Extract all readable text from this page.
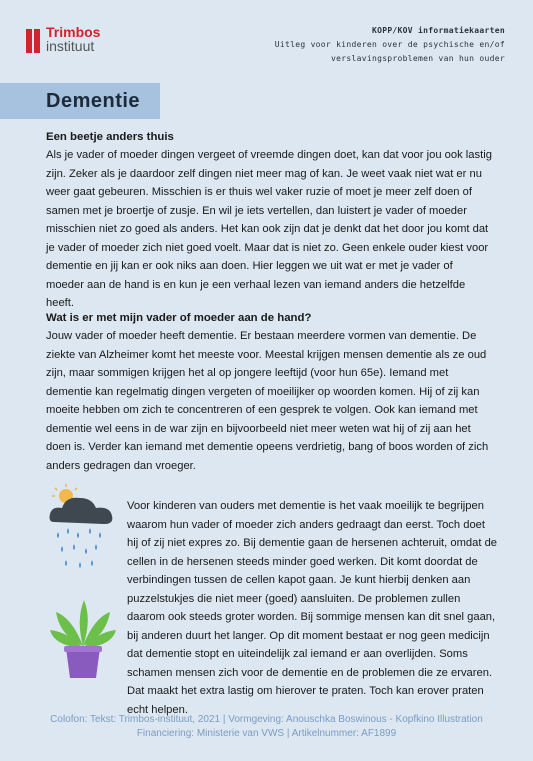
Trimbos
instituut
KOPP/KOV informatiekaarten
Uitleg voor kinderen over de psychische en/of
verslavingsproblemen van hun ouder
Dementie
Een beetje anders thuis

Als je vader of moeder dingen vergeet of vreemde dingen doet, kan dat voor jou ook lastig zijn. Zeker als je daardoor zelf dingen niet meer mag of kan. Je weet vaak niet wat er nu weer gaat gebeuren. Misschien is er thuis wel vaker ruzie of moet je meer zelf doen of samen met je broertje of zusje. En wil je iets vertellen, dan luistert je vader of moeder misschien niet zo goed als anders. Het kan ook zijn dat je denkt dat het door jou komt dat je vader of moeder zich niet goed voelt. Maar dat is niet zo. Geen enkele ouder kiest voor dementie en jij kan er ook niks aan doen. Hier leggen we uit wat er met je vader of moeder aan de hand is en kun je een verhaal lezen van iemand anders die hetzelfde heeft.

Wat is er met mijn vader of moeder aan de hand?

Jouw vader of moeder heeft dementie. Er bestaan meerdere vormen van dementie. De ziekte van Alzheimer komt het meeste voor. Meestal krijgen mensen dementie als ze oud zijn, maar sommigen krijgen het al op jongere leeftijd (voor hun 65e). Iemand met dementie kan regelmatig dingen vergeten of moeilijker op woorden komen. Hij of zij kan moeite hebben om zich te concentreren of een gesprek te volgen. Ook kan iemand met dementie wel eens in de war zijn en bijvoorbeeld niet meer weten wat hij of zij aan het doen is. Verder kan iemand met dementie opeens verdrietig, bang of boos worden of zich anders gedragen dan vroeger.

Voor kinderen van ouders met dementie is het vaak moeilijk te begrijpen waarom hun vader of moeder zich anders gedraagt dan eerst. Toch doet hij of zij niet expres zo. Bij dementie gaan de hersenen achteruit, omdat de cellen in de hersenen steeds minder goed werken. Dit komt doordat de verbindingen tussen de cellen kapot gaan. Je kunt hierbij denken aan puzzelstukjes die niet meer (goed) aansluiten. De problemen zullen daarom ook steeds groter worden. Bij sommige mensen kan dit snel gaan, bij anderen duurt het langer. Op dit moment bestaat er nog geen medicijn dat dementie stopt en uiteindelijk zal iemand er aan overlijden. Soms schamen mensen zich voor de dementie en de problemen die ze ervaren. Dat maakt het extra lastig om hierover te praten. Toch kan erover praten echt helpen.

Colofon: Tekst: Trimbos-instituut, 2021 | Vormgeving: Anouschka Boswinous - Kopfkino Illustration
Financiering: Ministerie van VWS | Artikelnummer: AF1899
